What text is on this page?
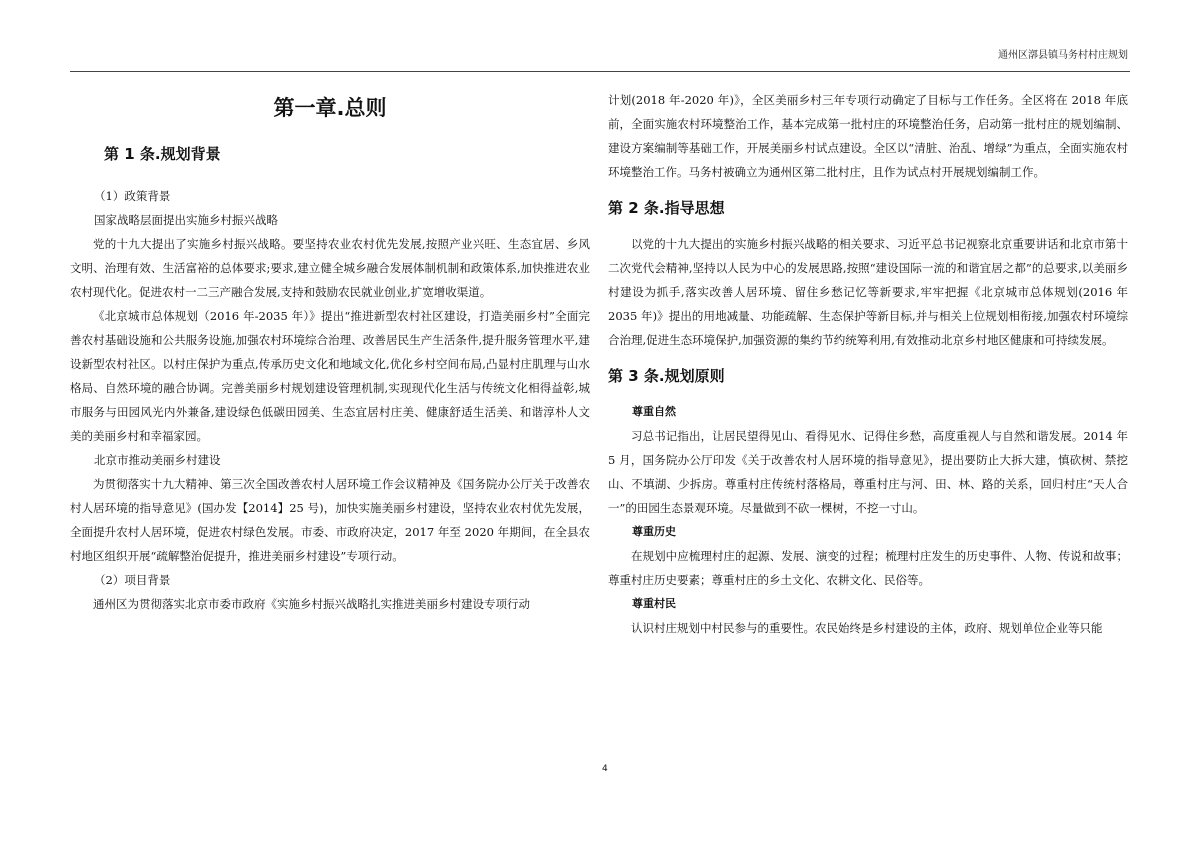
通州区漷县镇马务村村庄规划
第一章.总则
第 1 条.规划背景

（1）政策背景

国家战略层面提出实施乡村振兴战略

党的十九大提出了实施乡村振兴战略。要坚持农业农村优先发展,按照产业兴旺、生态宜居、乡风文明、治理有效、生活富裕的总体要求;要求,建立健全城乡融合发展体制机制和政策体系,加快推进农业农村现代化。促进农村一二三产融合发展,支持和鼓励农民就业创业,扩宽增收渠道。

《北京城市总体规划（2016 年-2035 年）》提出“推进新型农村社区建设，打造美丽乡村”全面完善农村基础设施和公共服务设施,加强农村环境综合治理、改善居民生产生活条件,提升服务管理水平,建设新型农村社区。以村庄保护为重点,传承历史文化和地域文化,优化乡村空间布局,凸显村庄肌理与山水格局、自然环境的融合协调。完善美丽乡村规划建设管理机制,实现现代化生活与传统文化相得益彰,城市服务与田园风光内外兼备,建设绿色低碳田园美、生态宜居村庄美、健康舒适生活美、和谐淳朴人文美的美丽乡村和幸福家园。

北京市推动美丽乡村建设

为贯彻落实十九大精神、第三次全国改善农村人居环境工作会议精神及《国务院办公厅关于改善农村人居环境的指导意见》(国办发【2014】25 号)，加快实施美丽乡村建设，坚持农业农村优先发展，全面提升农村人居环境，促进农村绿色发展。市委、市政府决定，2017 年至 2020 年期间，在全县农村地区组织开展“疏解整治促提升，推进美丽乡村建设”专项行动。

（2）项目背景

通州区为贯彻落实北京市委市政府《实施乡村振兴战略扎实推进美丽乡村建设专项行动

计划(2018 年-2020 年)》，全区美丽乡村三年专项行动确定了目标与工作任务。全区将在 2018 年底前，全面实施农村环境整治工作，基本完成第一批村庄的环境整治任务，启动第一批村庄的规划编制、建设方案编制等基础工作，开展美丽乡村试点建设。全区以“清脏、治乱、增绿”为重点，全面实施农村环境整治工作。马务村被确立为通州区第二批村庄，且作为试点村开展规划编制工作。

第 2 条.指导思想

以党的十九大提出的实施乡村振兴战略的相关要求、习近平总书记视察北京重要讲话和北京市第十二次党代会精神,坚持以人民为中心的发展思路,按照“建设国际一流的和谐宜居之都”的总要求,以美丽乡村建设为抓手,落实改善人居环境、留住乡愁记忆等新要求,牢牢把握《北京城市总体规划(2016 年 2035 年)》提出的用地减量、功能疏解、生态保护等新目标,并与相关上位规划相衔接,加强农村环境综合治理,促进生态环境保护,加强资源的集约节约统筹利用,有效推动北京乡村地区健康和可持续发展。

第 3 条.规划原则

尊重自然

习总书记指出，让居民望得见山、看得见水、记得住乡愁，高度重视人与自然和谐发展。2014 年 5 月，国务院办公厅印发《关于改善农村人居环境的指导意见》，提出要防止大拆大建，慎砍树、禁挖山、不填湖、少拆房。尊重村庄传统村落格局，尊重村庄与河、田、林、路的关系，回归村庄“天人合一”的田园生态景观环境。尽量做到不砍一棵树，不挖一寸山。

尊重历史

在规划中应梳理村庄的起源、发展、演变的过程；梳理村庄发生的历史事件、人物、传说和故事；尊重村庄历史要素；尊重村庄的乡土文化、农耕文化、民俗等。

尊重村民

认识村庄规划中村民参与的重要性。农民始终是乡村建设的主体，政府、规划单位企业等只能

4
